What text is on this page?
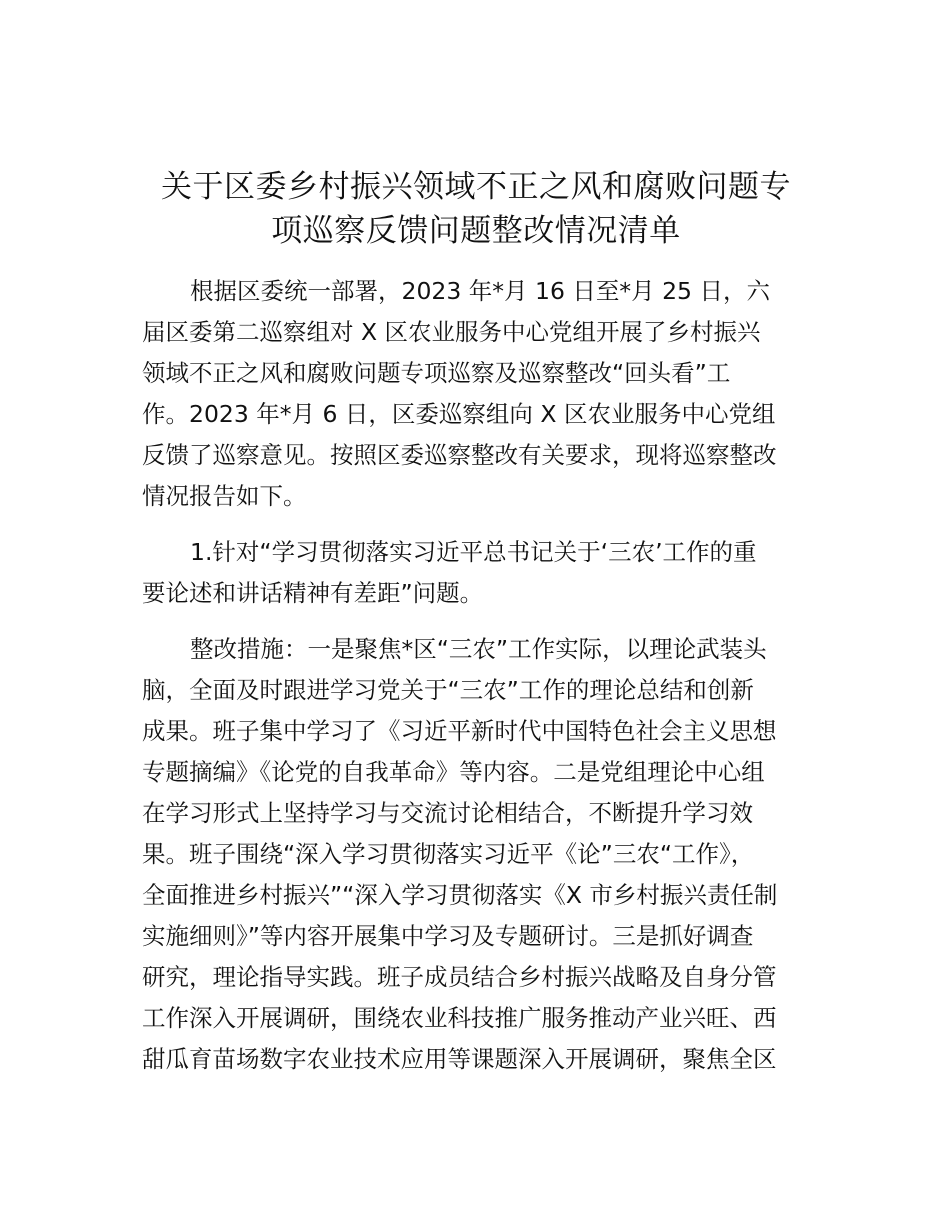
关于区委乡村振兴领域不正之风和腐败问题专
项巡察反馈问题整改情况清单

根据区委统一部署，2023 年*月 16 日至*月 25 日，六
届区委第二巡察组对 X 区农业服务中心党组开展了乡村振兴
领域不正之风和腐败问题专项巡察及巡察整改“回头看”工
作。2023 年*月 6 日，区委巡察组向 X 区农业服务中心党组
反馈了巡察意见。按照区委巡察整改有关要求，现将巡察整改
情况报告如下。

1.针对“学习贯彻落实习近平总书记关于‘三农’工作的重
要论述和讲话精神有差距”问题。

整改措施：一是聚焦*区“三农”工作实际，以理论武装头
脑，全面及时跟进学习党关于“三农”工作的理论总结和创新
成果。班子集中学习了《习近平新时代中国特色社会主义思想
专题摘编》《论党的自我革命》等内容。二是党组理论中心组
在学习形式上坚持学习与交流讨论相结合，不断提升学习效
果。班子围绕“深入学习贯彻落实习近平《论”三农“工作》，
全面推进乡村振兴”“深入学习贯彻落实《X 市乡村振兴责任制
实施细则》”等内容开展集中学习及专题研讨。三是抓好调查
研究，理论指导实践。班子成员结合乡村振兴战略及自身分管
工作深入开展调研，围绕农业科技推广服务推动产业兴旺、西
甜瓜育苗场数字农业技术应用等课题深入开展调研，聚焦全区
